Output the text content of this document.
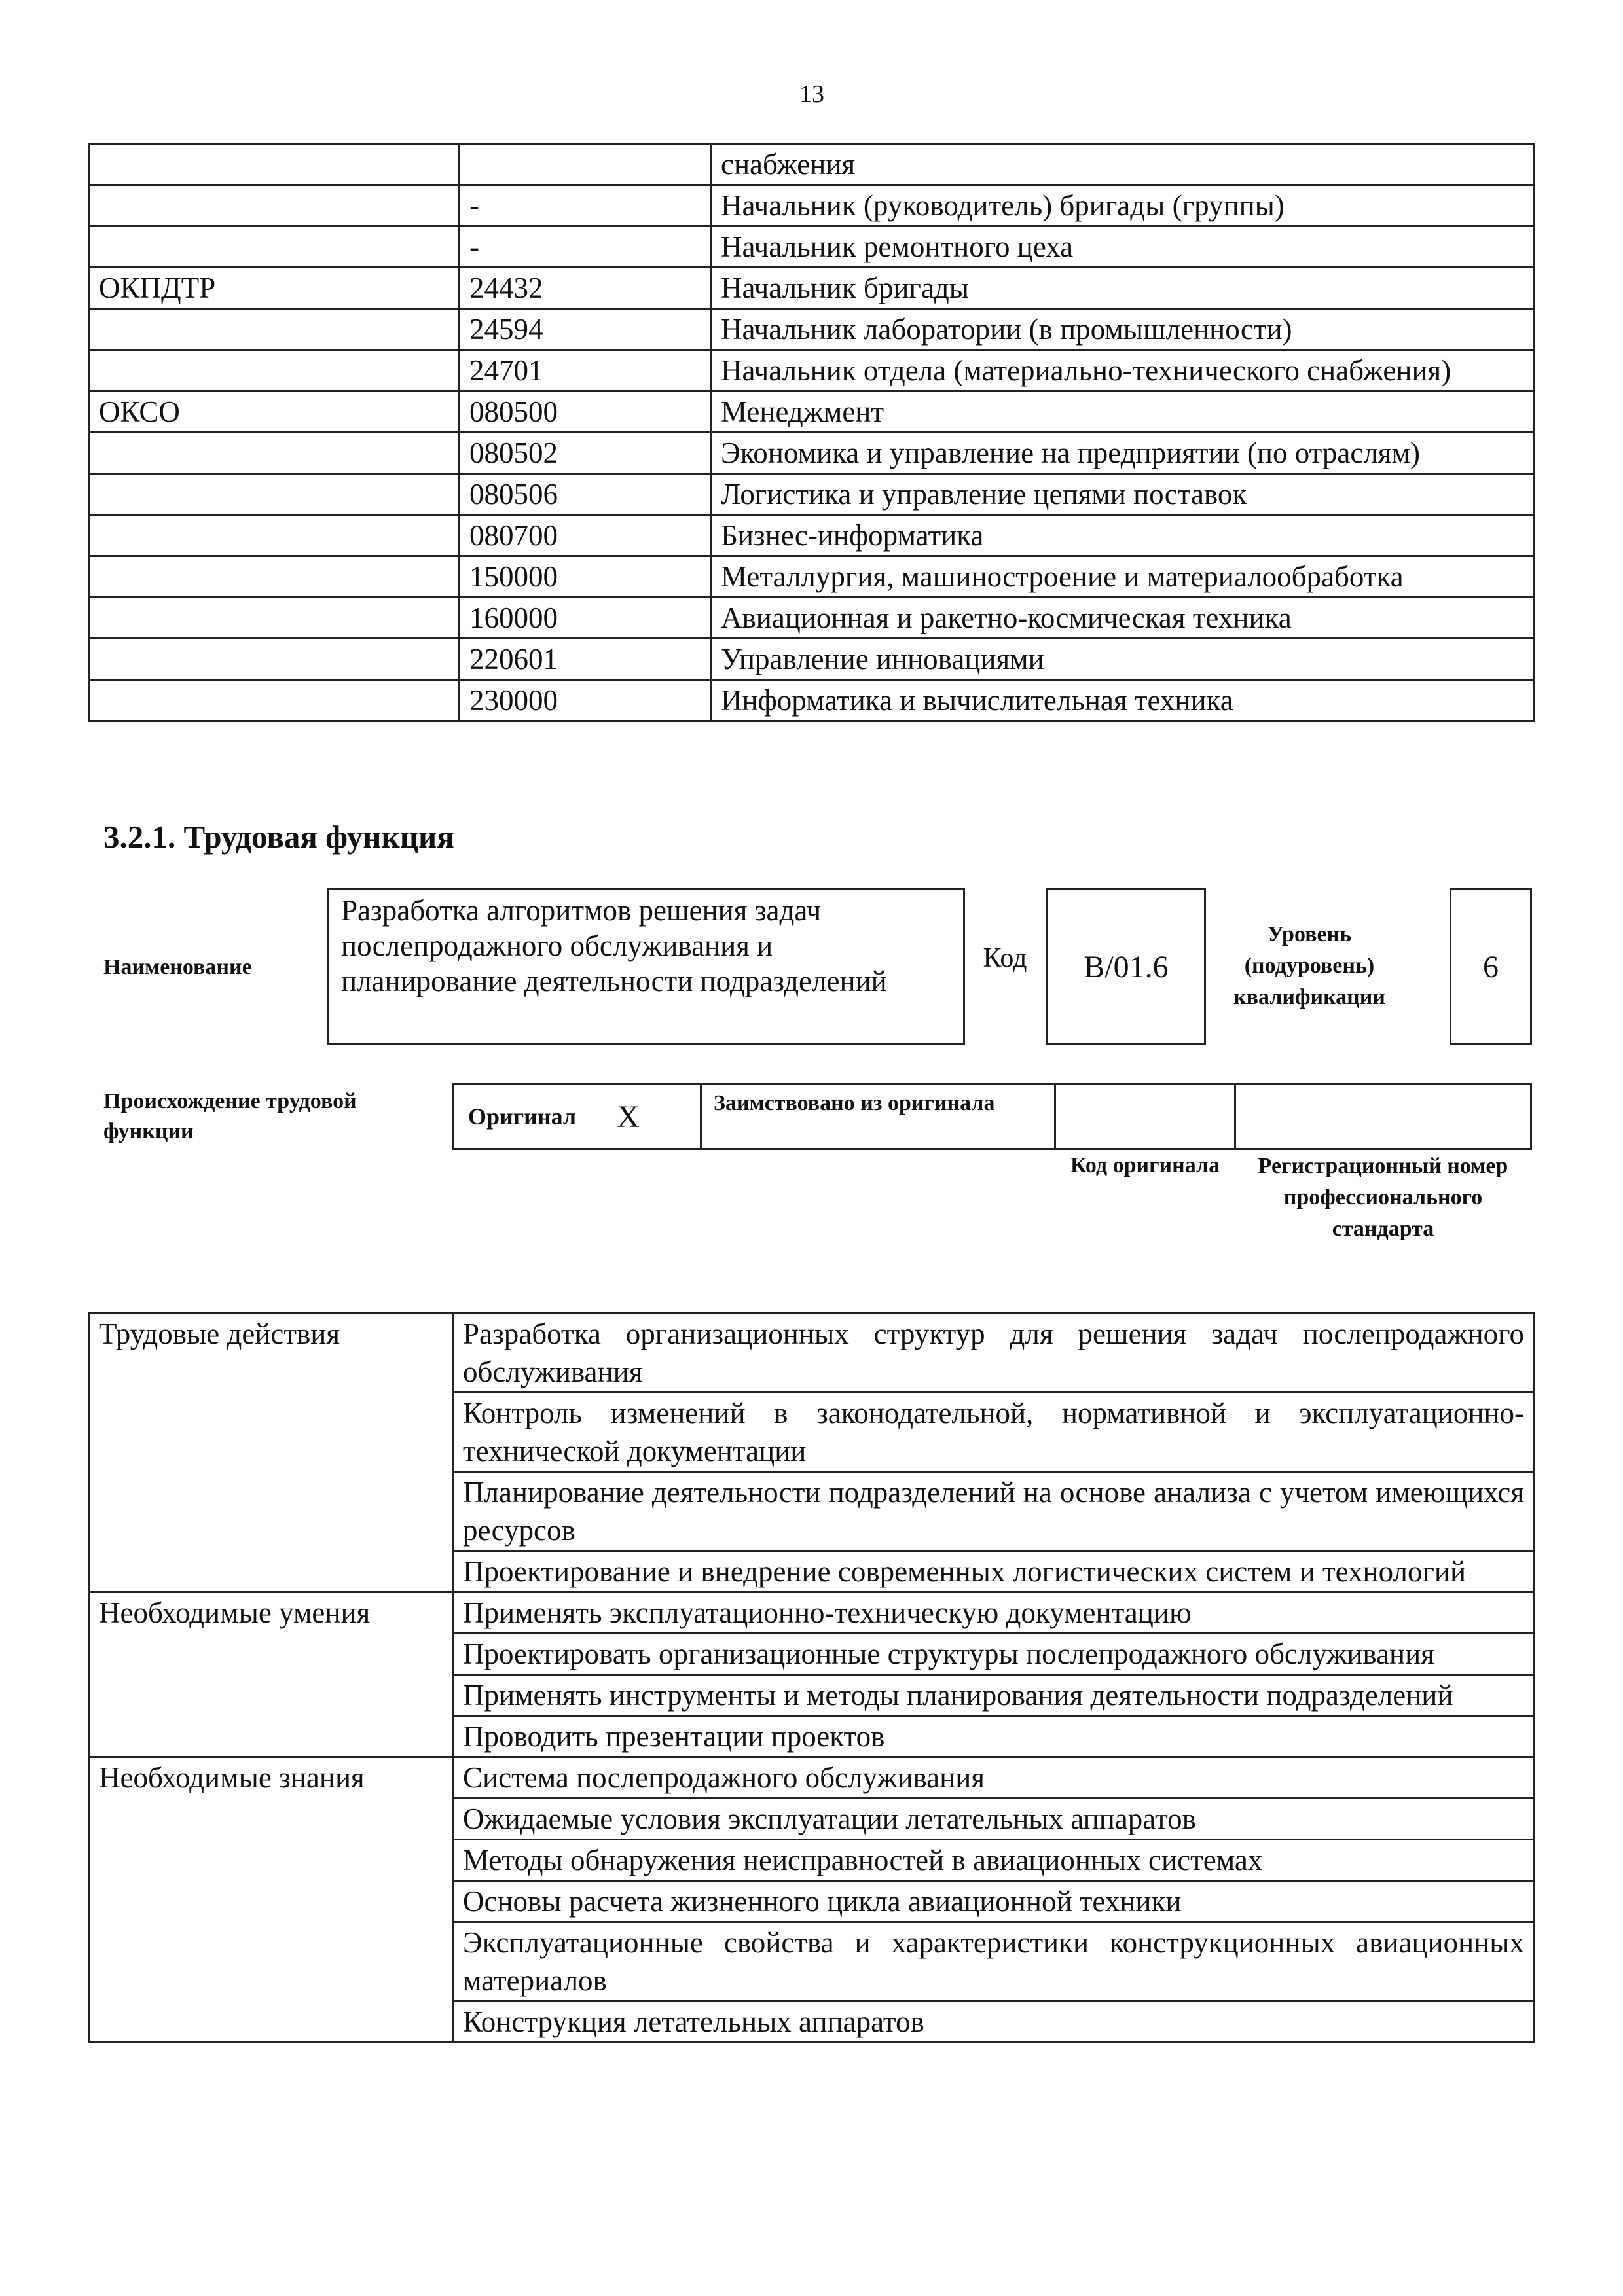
13
		снабжения
	-	Начальник (руководитель) бригады (группы)
	-	Начальник ремонтного цеха
ОКПДТР	24432	Начальник бригады
	24594	Начальник лаборатории (в промышленности)
	24701	Начальник отдела (материально-технического снабжения)
ОКСО	080500	Менеджмент
	080502	Экономика и управление на предприятии (по отраслям)
	080506	Логистика и управление цепями поставок
	080700	Бизнес-информатика
	150000	Металлургия, машиностроение и материалообработка
	160000	Авиационная и ракетно-космическая техника
	220601	Управление инновациями
	230000	Информатика и вычислительная техника
3.2.1. Трудовая функция
Наименование
Разработка алгоритмов решения задач послепродажного обслуживания и планирование деятельности подразделений
Код	B/01.6
Уровень
(подуровень)
квалификации
6
Происхождение трудовой функции
Оригинал X	Заимствовано из оригинала
Код оригинала	Регистрационный номер профессионального стандарта
Трудовые действия	Разработка организационных структур для решения задач послепродажного обслуживания
	Контроль изменений в законодательной, нормативной и эксплуатационно-технической документации
	Планирование деятельности подразделений на основе анализа с учетом имеющихся ресурсов
	Проектирование и внедрение современных логистических систем и технологий
Необходимые умения	Применять эксплуатационно-техническую документацию
	Проектировать организационные структуры послепродажного обслуживания
	Применять инструменты и методы планирования деятельности подразделений
	Проводить презентации проектов
Необходимые знания	Система послепродажного обслуживания
	Ожидаемые условия эксплуатации летательных аппаратов
	Методы обнаружения неисправностей в авиационных системах
	Основы расчета жизненного цикла авиационной техники
	Эксплуатационные свойства и характеристики конструкционных авиационных материалов
	Конструкция летательных аппаратов
